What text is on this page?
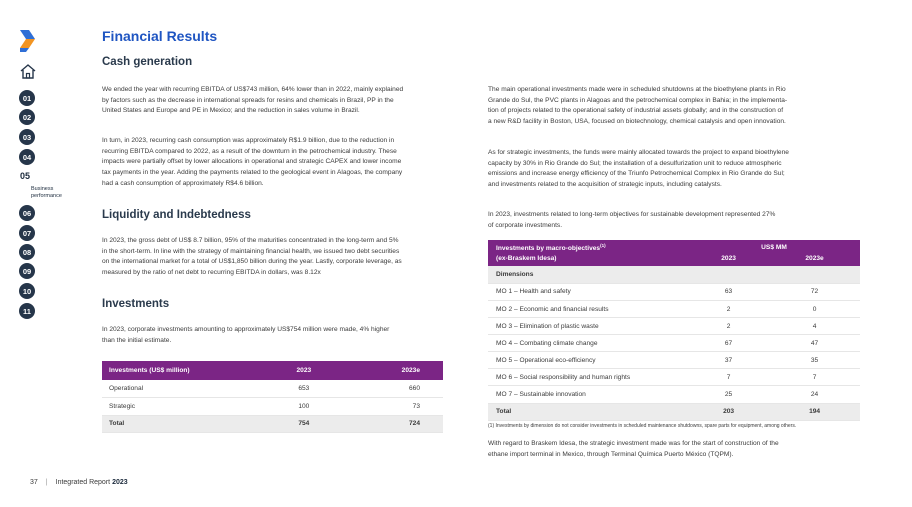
01
02
03
04
05
Business
performance
06
07
08
09
10
11
Financial Results
Cash generation
We ended the year with recurring EBITDA of US$743 million, 64% lower than in 2022, mainly explained
by factors such as the decrease in international spreads for resins and chemicals in Brazil, PP in the
United States and Europe and PE in Mexico; and the reduction in sales volume in Brazil.
In turn, in 2023, recurring cash consumption was approximately R$1.9 billion, due to the reduction in
recurring EBITDA compared to 2022, as a result of the downturn in the petrochemical industry. These
impacts were partially offset by lower allocations in operational and strategic CAPEX and lower income
tax payments in the year. Adding the payments related to the geological event in Alagoas, the company
had a cash consumption of approximately R$4.6 billion.
Liquidity and Indebtedness
In 2023, the gross debt of US$ 8.7 billion, 95% of the maturities concentrated in the long-term and 5%
in the short-term. In line with the strategy of maintaining financial health, we issued two debt securities
on the international market for a total of US$1,850 billion during the year. Lastly, corporate leverage, as
measured by the ratio of net debt to recurring EBITDA in dollars, was 8.12x
Investments
In 2023, corporate investments amounting to approximately US$754 million were made, 4% higher
than the initial estimate.
Investments (US$ million)	2023	2023e
Operational	653	660
Strategic	100	73
Total	754	724
The main operational investments made were in scheduled shutdowns at the bioethylene plants in Rio
Grande do Sul, the PVC plants in Alagoas and the petrochemical complex in Bahia; in the implementa-
tion of projects related to the operational safety of industrial assets globally; and in the construction of
a new R&D facility in Boston, USA, focused on biotechnology, chemical catalysis and open innovation.
As for strategic investments, the funds were mainly allocated towards the project to expand bioethylene
capacity by 30% in Rio Grande do Sul; the installation of a desulfurization unit to reduce atmospheric
emissions and increase energy efficiency of the Triunfo Petrochemical Complex in Rio Grande do Sul;
and investments related to the acquisition of strategic inputs, including catalysts.
In 2023, investments related to long-term objectives for sustainable development represented 27%
of corporate investments.
Investments by macro-objectives$^{(1)}$
(ex-Braskem Idesa)	US$ MM	
	2023	2023e
Dimensions		
MO 1 – Health and safety	63	72
MO 2 – Economic and financial results	2	0
MO 3 – Elimination of plastic waste	2	4
MO 4 – Combating climate change	67	47
MO 5 – Operational eco-efficiency	37	35
MO 6 – Social responsibility and human rights	7	7
MO 7 – Sustainable innovation	25	24
Total	203	194
(1) Investments by dimension do not consider investments in scheduled maintenance shutdowns, spare parts for equipment, among others.
With regard to Braskem Idesa, the strategic investment made was for the start of construction of the
ethane import terminal in Mexico, through Terminal Química Puerto México (TQPM).
37 | Integrated Report 2023
